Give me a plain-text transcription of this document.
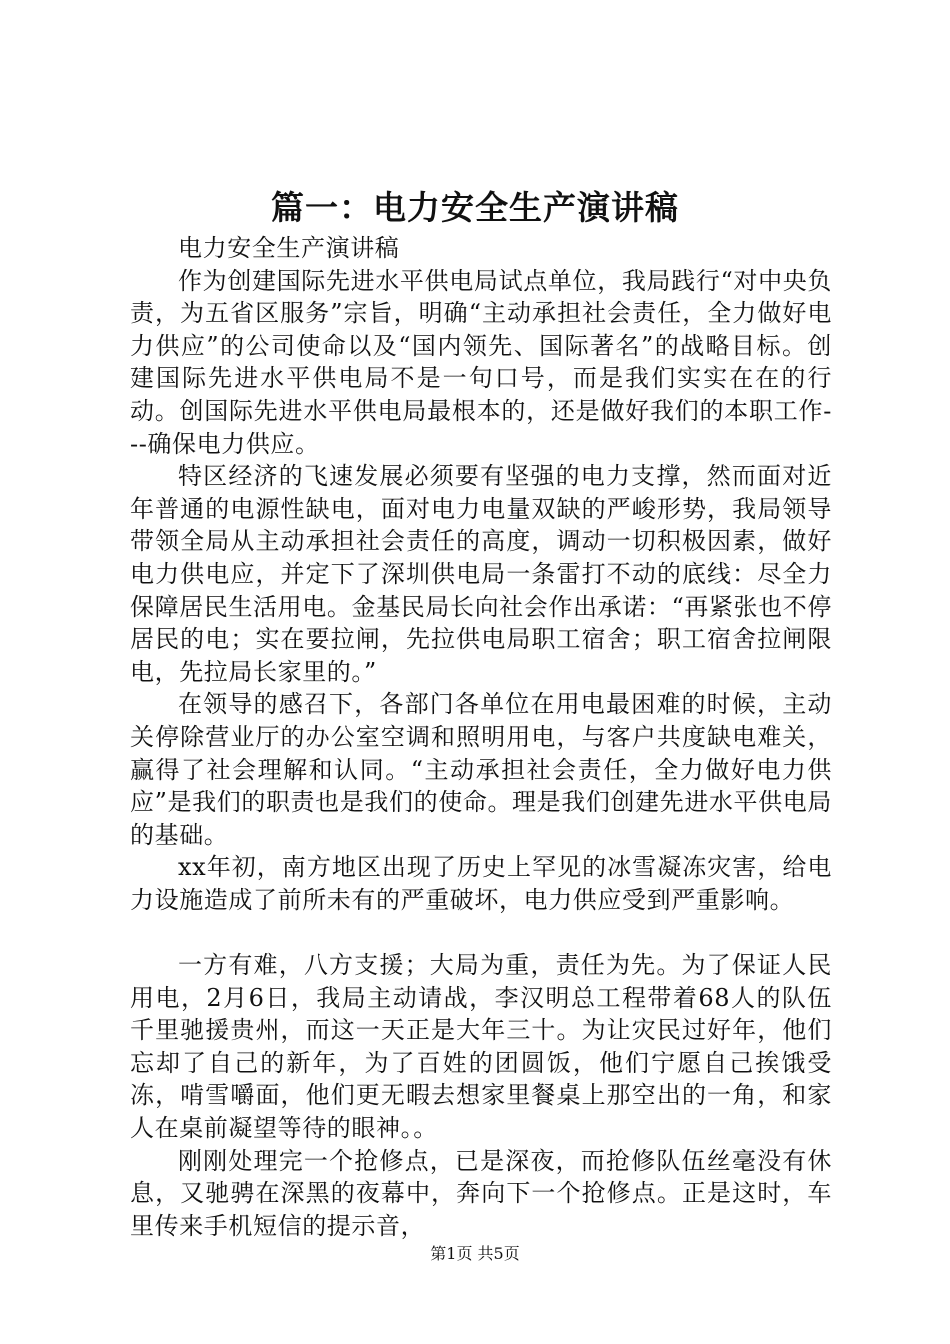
篇一：电力安全生产演讲稿

电力安全生产演讲稿

作为创建国际先进水平供电局试点单位，我局践行“对中央负责，为五省区服务”宗旨，明确“主动承担社会责任，全力做好电力供应”的公司使命以及“国内领先、国际著名”的战略目标。创建国际先进水平供电局不是一句口号，而是我们实实在在的行动。创国际先进水平供电局最根本的，还是做好我们的本职工作---确保电力供应。

特区经济的飞速发展必须要有坚强的电力支撑，然而面对近年普通的电源性缺电，面对电力电量双缺的严峻形势，我局领导带领全局从主动承担社会责任的高度，调动一切积极因素，做好电力供电应，并定下了深圳供电局一条雷打不动的底线：尽全力保障居民生活用电。金基民局长向社会作出承诺：“再紧张也不停居民的电；实在要拉闸，先拉供电局职工宿舍；职工宿舍拉闸限电，先拉局长家里的。”

在领导的感召下，各部门各单位在用电最困难的时候，主动关停除营业厅的办公室空调和照明用电，与客户共度缺电难关，赢得了社会理解和认同。“主动承担社会责任，全力做好电力供应”是我们的职责也是我们的使命。理是我们创建先进水平供电局的基础。

xx年初，南方地区出现了历史上罕见的冰雪凝冻灾害，给电力设施造成了前所未有的严重破坏，电力供应受到严重影响。

一方有难，八方支援；大局为重，责任为先。为了保证人民用电，2月6日，我局主动请战，李汉明总工程带着68人的队伍千里驰援贵州，而这一天正是大年三十。为让灾民过好年，他们忘却了自己的新年，为了百姓的团圆饭，他们宁愿自己挨饿受冻，啃雪嚼面，他们更无暇去想家里餐桌上那空出的一角，和家人在桌前凝望等待的眼神。。

刚刚处理完一个抢修点，已是深夜，而抢修队伍丝毫没有休息，又驰骋在深黑的夜幕中，奔向下一个抢修点。正是这时，车里传来手机短信的提示音，

第1页 共5页
